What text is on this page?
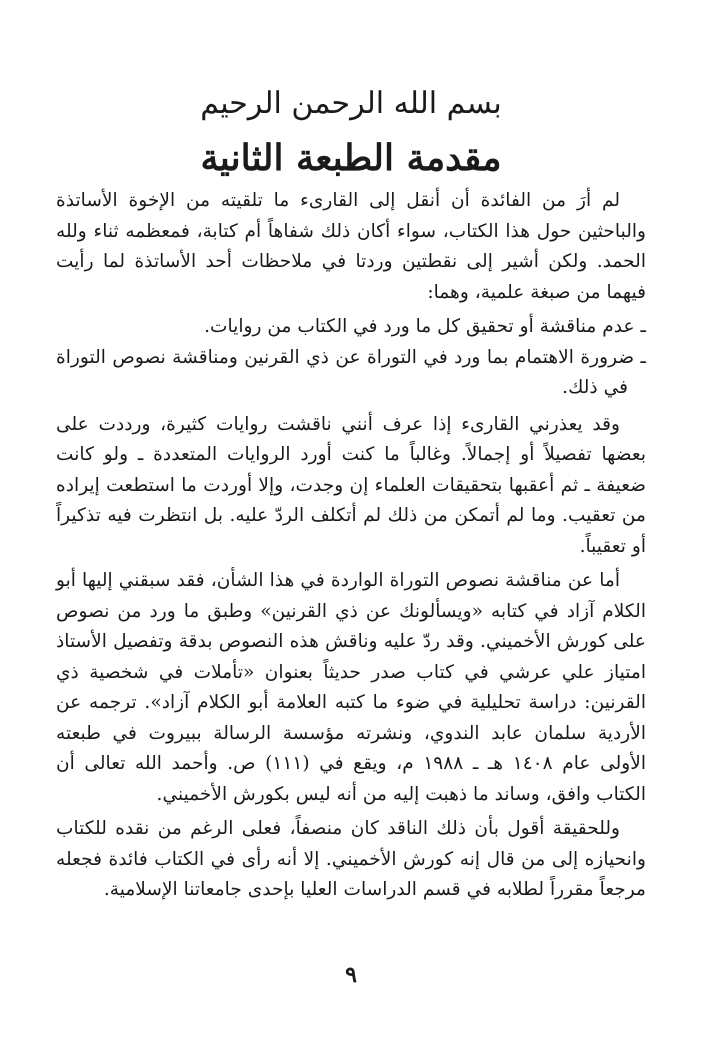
بسم الله الرحمن الرحيم
مقدمة الطبعة الثانية

لم أرَ من الفائدة أن أنقل إلى القارىء ما تلقيته من الإخوة الأساتذة والباحثين حول هذا الكتاب، سواء أكان ذلك شفاهاً أم كتابة، فمعظمه ثناء ولله الحمد. ولكن أشير إلى نقطتين وردتا في ملاحظات أحد الأساتذة لما رأيت فيهما من صبغة علمية، وهما:

ـ عدم مناقشة أو تحقيق كل ما ورد في الكتاب من روايات.

ـ ضرورة الاهتمام بما ورد في التوراة عن ذي القرنين ومناقشة نصوص التوراة في ذلك.

وقد يعذرني القارىء إذا عرف أنني ناقشت روايات كثيرة، ورددت على بعضها تفصيلاً أو إجمالاً. وغالباً ما كنت أورد الروايات المتعددة ـ ولو كانت ضعيفة ـ ثم أعقبها بتحقيقات العلماء إن وجدت، وإلا أوردت ما استطعت إيراده من تعقيب. وما لم أتمكن من ذلك لم أتكلف الردّ عليه. بل انتظرت فيه تذكيراً أو تعقيباً.

أما عن مناقشة نصوص التوراة الواردة في هذا الشأن، فقد سبقني إليها أبو الكلام آزاد في كتابه «ويسألونك عن ذي القرنين» وطبق ما ورد من نصوص على كورش الأخميني. وقد ردّ عليه وناقش هذه النصوص بدقة وتفصيل الأستاذ امتياز علي عرشي في كتاب صدر حديثاً بعنوان «تأملات في شخصية ذي القرنين: دراسة تحليلية في ضوء ما كتبه العلامة أبو الكلام آزاد». ترجمه عن الأردية سلمان عابد الندوي، ونشرته مؤسسة الرسالة ببيروت في طبعته الأولى عام ١٤٠٨ هـ ـ ١٩٨٨ م، ويقع في (١١١) ص. وأحمد الله تعالى أن الكتاب وافق، وساند ما ذهبت إليه من أنه ليس بكورش الأخميني.

وللحقيقة أقول بأن ذلك الناقد كان منصفاً، فعلى الرغم من نقده للكتاب وانحيازه إلى من قال إنه كورش الأخميني. إلا أنه رأى في الكتاب فائدة فجعله مرجعاً مقرراً لطلابه في قسم الدراسات العليا بإحدى جامعاتنا الإسلامية.

٩
